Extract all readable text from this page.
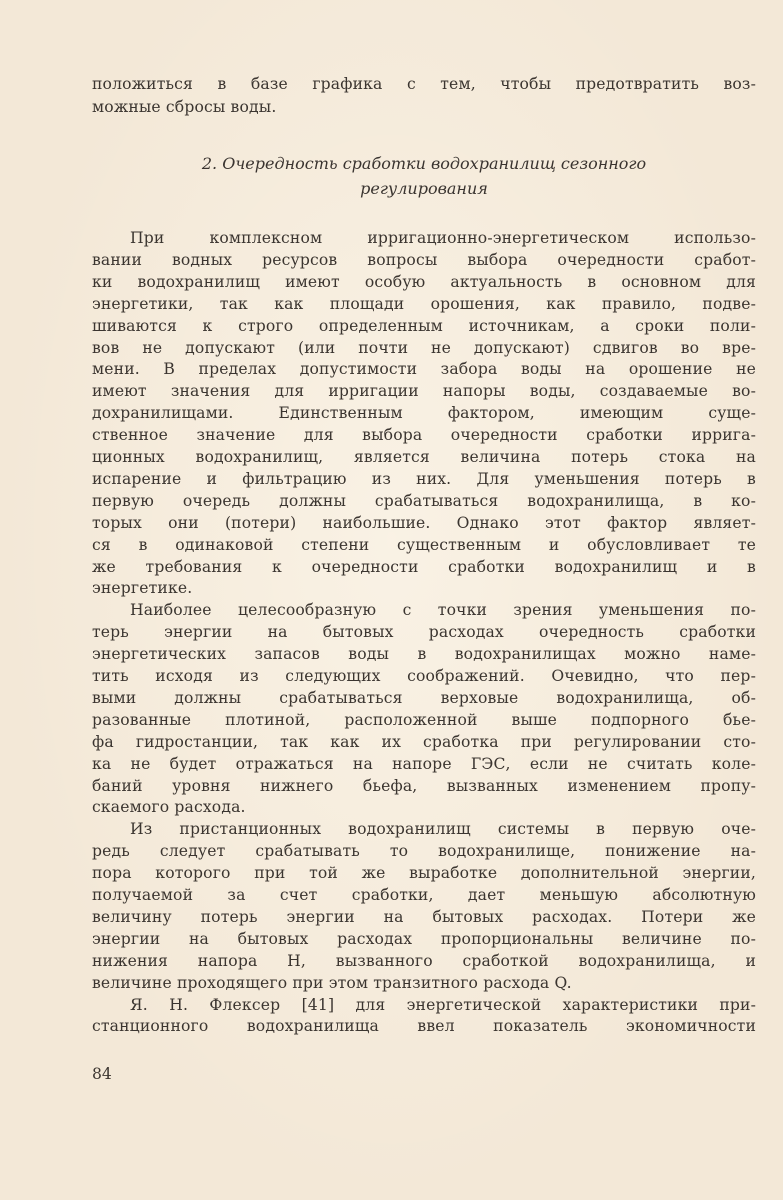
положиться в базе графика с тем, чтобы предотвратить воз-
можные сбросы воды.
2. Очередность сработки водохранилищ сезонного
регулирования
При комплексном ирригационно-энергетическом использо-
вании водных ресурсов вопросы выбора очередности сработ-
ки водохранилищ имеют особую актуальность в основном для
энергетики, так как площади орошения, как правило, подве-
шиваются к строго определенным источникам, а сроки поли-
вов не допускают (или почти не допускают) сдвигов во вре-
мени. В пределах допустимости забора воды на орошение не
имеют значения для ирригации напоры воды, создаваемые во-
дохранилищами. Единственным фактором, имеющим суще-
ственное значение для выбора очередности сработки ирригa-
ционных водохранилищ, является величина потерь стока на
испарение и фильтрацию из них. Для уменьшения потерь в
первую очередь должны срабатываться водохранилища, в ко-
торых они (потери) наибольшие. Однако этот фактор являет-
ся в одинаковой степени существенным и обусловливает те
же требования к очередности сработки водохранилищ и в
энергетике.
Наиболее целесообразную с точки зрения уменьшения по-
терь энергии на бытовых расходах очередность сработки
энергетических запасов воды в водохранилищах можно наме-
тить исходя из следующих соображений. Очевидно, что пер-
выми должны срабатываться верховые водохранилища, об-
разованные плотиной, расположенной выше подпорного бье-
фа гидростанции, так как их сработка при регулировании сто-
ка не будет отражаться на напоре ГЭС, если не считать коле-
баний уровня нижнего бьефа, вызванных изменением пропу-
скаемого расхода.
Из пристанционных водохранилищ системы в первую оче-
редь следует срабатывать то водохранилище, понижение на-
пора которого при той же выработке дополнительной энергии,
получаемой за счет сработки, дает меньшую абсолютную
величину потерь энергии на бытовых расходах. Потери же
энергии на бытовых расходах пропорциональны величине по-
нижения напора H, вызванного сработкой водохранилища, и
величине проходящего при этом транзитного расхода Q.
Я. Н. Флексер [41] для энергетической характеристики при-
станционного водохранилища ввел показатель экономичности
84
